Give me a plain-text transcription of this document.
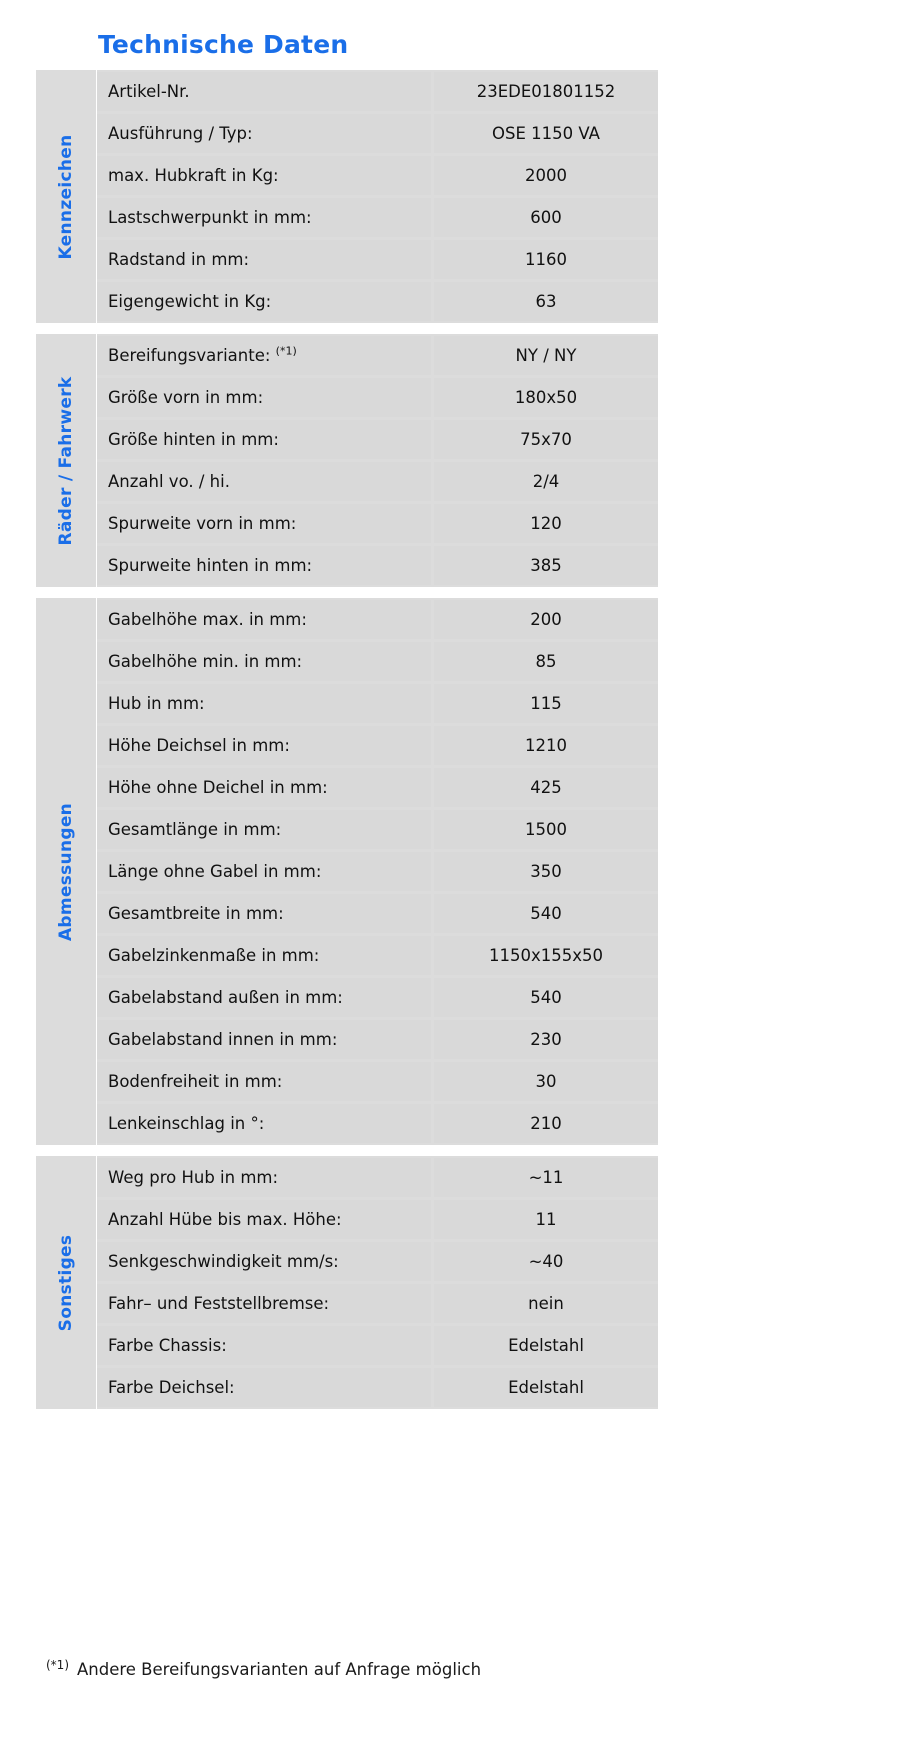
Technische Daten
Kennzeichen
Artikel-Nr.	23EDE01801152
Ausführung / Typ:	OSE 1150 VA
max. Hubkraft in Kg:	2000
Lastschwerpunkt in mm:	600
Radstand in mm:	1160
Eigengewicht in Kg:	63
Räder / Fahrwerk
Bereifungsvariante: $^{(*1)}$	NY / NY
Größe vorn in mm:	180x50
Größe hinten in mm:	75x70
Anzahl vo. / hi.	2/4
Spurweite vorn in mm:	120
Spurweite hinten in mm:	385
Abmessungen
Gabelhöhe max. in mm:	200
Gabelhöhe min. in mm:	85
Hub in mm:	115
Höhe Deichsel in mm:	1210
Höhe ohne Deichel in mm:	425
Gesamtlänge in mm:	1500
Länge ohne Gabel in mm:	350
Gesamtbreite in mm:	540
Gabelzinkenmaße in mm:	1150x155x50
Gabelabstand außen in mm:	540
Gabelabstand innen in mm:	230
Bodenfreiheit in mm:	30
Lenkeinschlag in °:	210
Sonstiges
Weg pro Hub in mm:	~11
Anzahl Hübe bis max. Höhe:	11
Senkgeschwindigkeit mm/s:	~40
Fahr– und Feststellbremse:	nein
Farbe Chassis:	Edelstahl
Farbe Deichsel:	Edelstahl
$^{(*1)}$ Andere Bereifungsvarianten auf Anfrage möglich
